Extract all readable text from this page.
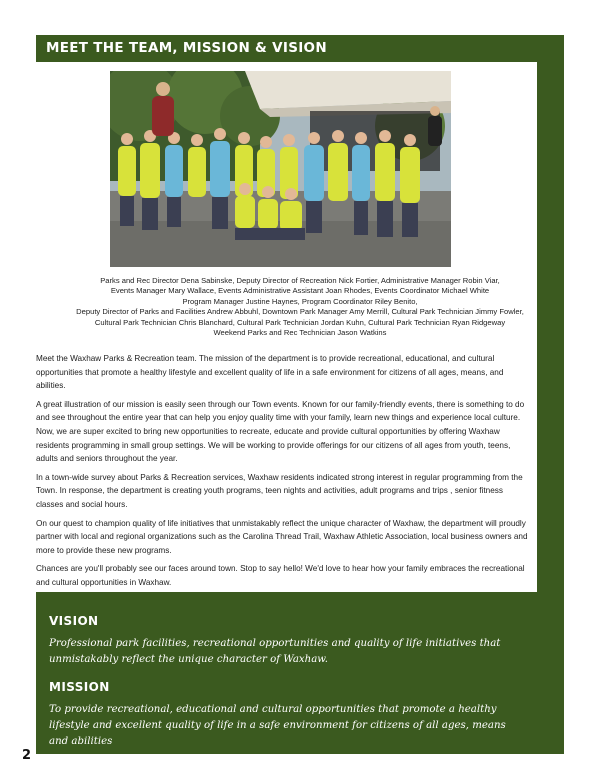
MEET THE TEAM, MISSION & VISION
MEET THE TEAM, MISSION & VISION
Parks and Rec Director Dena Sabinske, Deputy Director of Recreation Nick Fortier, Administrative Manager Robin Viar,
Events Manager Mary Wallace, Events Administrative Assistant Joan Rhodes, Events Coordinator Michael White
Program Manager Justine Haynes, Program Coordinator Riley Benito,
Deputy Director of Parks and Facilities Andrew Abbuhl, Downtown Park Manager Amy Merrill, Cultural Park Technician Jimmy Fowler,
Cultural Park Technician Chris Blanchard, Cultural Park Technician Jordan Kuhn, Cultural Park Technician Ryan Ridgeway
Weekend Parks and Rec Technician Jason Watkins

Meet the Waxhaw Parks & Recreation team. The mission of the department is to provide recreational, educational, and cultural opportunities that promote a healthy lifestyle and excellent quality of life in a safe environment for citizens of all ages, means, and abilities.

A great illustration of our mission is easily seen through our Town events. Known for our family-friendly events, there is something to do and see throughout the entire year that can help you enjoy quality time with your family, learn new things and experience local culture. Now, we are super excited to bring new opportunities to recreate, educate and provide cultural opportunities by offering Waxhaw residents programming in small group settings. We will be working to provide offerings for our citizens of all ages from youth, teens, adults and seniors throughout the year.

In a town-wide survey about Parks & Recreation services, Waxhaw residents indicated strong interest in regular programming from the Town. In response, the department is creating youth programs, teen nights and activities, adult programs and trips , senior fitness classes and social hours.

On our quest to champion quality of life initiatives that unmistakably reflect the unique character of Waxhaw, the department will proudly partner with local and regional organizations such as the Carolina Thread Trail, Waxhaw Athletic Association, local business owners and more to provide these new programs.

Chances are you'll probably see our faces around town. Stop to say hello! We'd love to hear how your family embraces the recreational and cultural opportunities in Waxhaw.

VISION
Professional park facilities, recreational opportunities and quality of life initiatives that unmistakably reflect the unique character of Waxhaw.
MISSION
To provide recreational, educational and cultural opportunities that promote a healthy lifestyle and excellent quality of life in a safe environment for citizens of all ages, means and abilities
2
